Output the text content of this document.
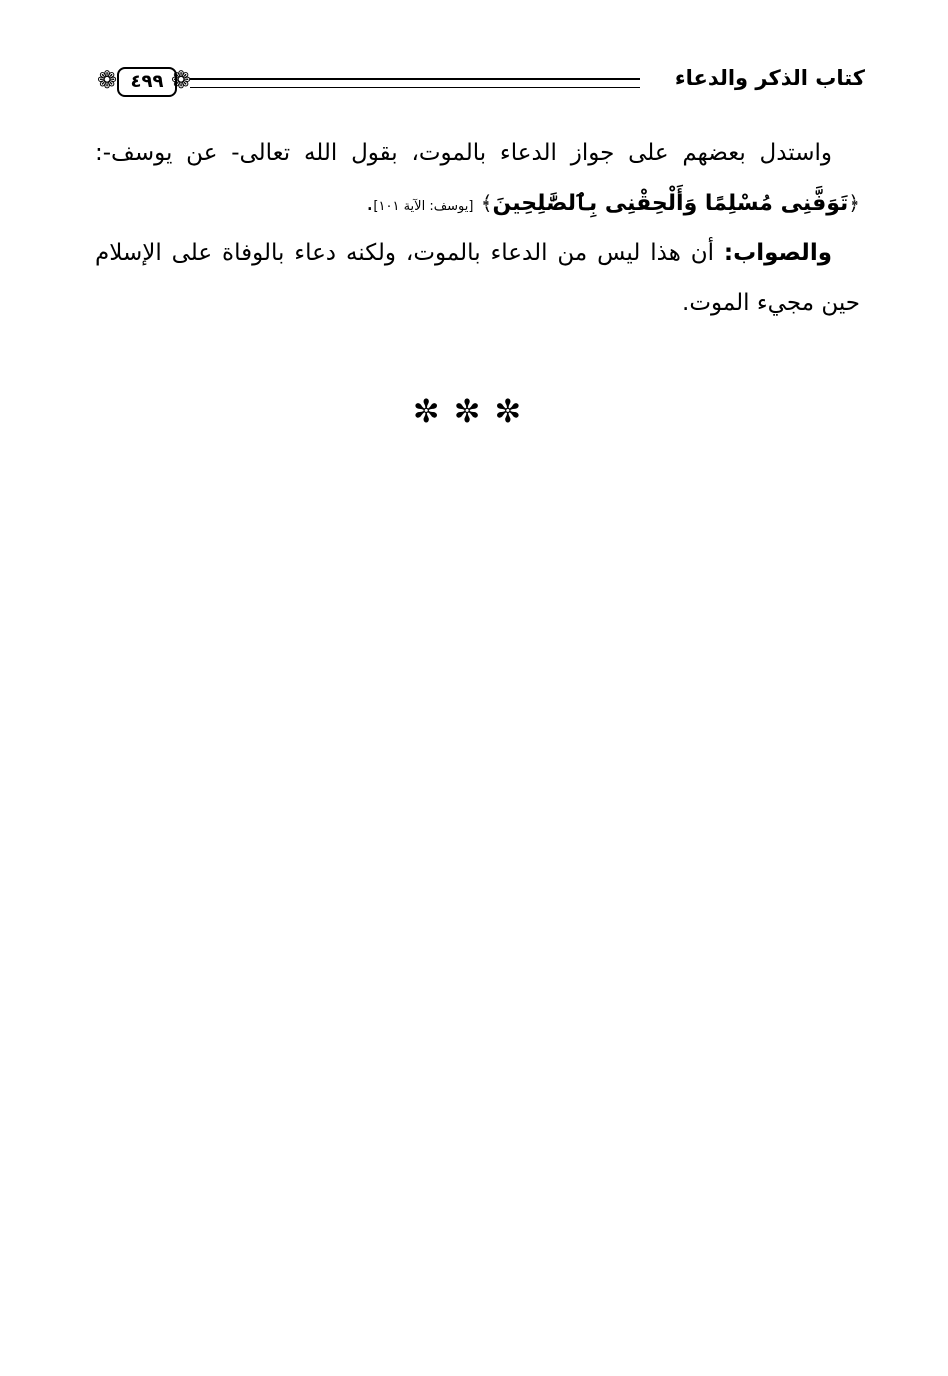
❁ ٤٩٩ ❁	كتاب الذكر والدعاء
واستدل بعضهم على جواز الدعاء بالموت، بقول الله تعالى- عن يوسف-: ﴿تَوَفَّنِى مُسْلِمًا وَأَلْحِقْنِى بِٱلصَّٰلِحِينَ﴾ [يوسف: الآية ١٠١].
والصواب: أن هذا ليس من الدعاء بالموت، ولكنه دعاء بالوفاة على الإسلام حين مجيء الموت.
✼✼✼
